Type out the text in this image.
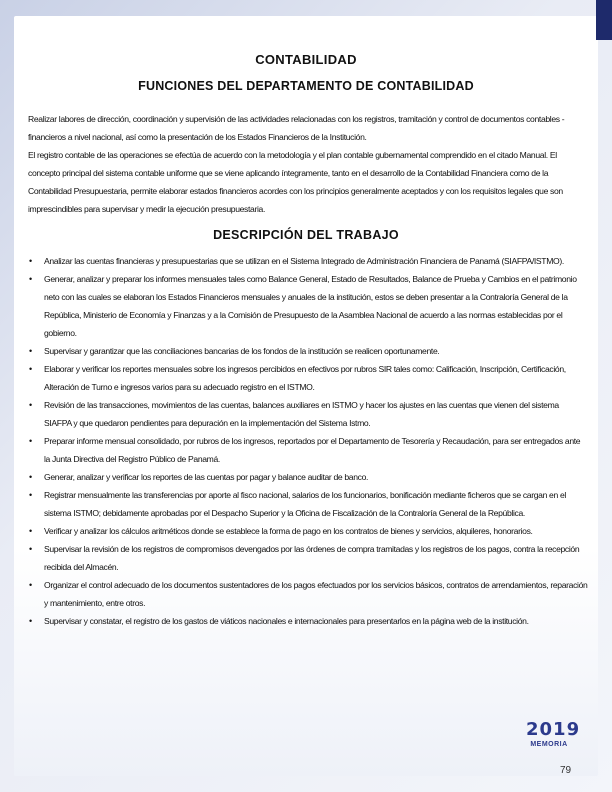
CONTABILIDAD
FUNCIONES DEL DEPARTAMENTO DE CONTABILIDAD

Realizar labores de dirección, coordinación y supervisión de las actividades relacionadas con los registros, tramitación y control de documentos contables - financieros a nivel nacional, así como la presentación de los Estados Financieros de la Institución.

El registro contable de las operaciones se efectúa de acuerdo con la metodología y el plan contable gubernamental comprendido en el citado Manual. El concepto principal del sistema contable uniforme que se viene aplicando íntegramente, tanto en el desarrollo de la Contabilidad Financiera como de la Contabilidad Presupuestaria, permite elaborar estados financieros acordes con los principios generalmente aceptados y con los requisitos legales que son imprescindibles para supervisar y medir la ejecución presupuestaria.

DESCRIPCIÓN DEL TRABAJO
• Analizar las cuentas financieras y presupuestarias que se utilizan en el Sistema Integrado de Administración Financiera de Panamá (SIAFPA/ISTMO).
• Generar, analizar y preparar los informes mensuales tales como Balance General, Estado de Resultados, Balance de Prueba y Cambios en el patrimonio neto con las cuales se elaboran los Estados Financieros mensuales y anuales de la institución, estos se deben presentar a la Contraloría General de la República, Ministerio de Economía y Finanzas y a la Comisión de Presupuesto de la Asamblea Nacional de acuerdo a las normas establecidas por el gobierno.
• Supervisar y garantizar que las conciliaciones bancarias de los fondos de la institución se realicen oportunamente.
• Elaborar y verificar los reportes mensuales sobre los ingresos percibidos en efectivos por rubros SIR tales como: Calificación, Inscripción, Certificación, Alteración de Turno e ingresos varios para su adecuado registro en el ISTMO.
• Revisión de las transacciones, movimientos de las cuentas, balances auxiliares en ISTMO y hacer los ajustes en las cuentas que vienen del sistema SIAFPA y que quedaron pendientes para depuración en la implementación del Sistema Istmo.
• Preparar informe mensual consolidado, por rubros de los ingresos, reportados por el Departamento de Tesorería y Recaudación, para ser entregados ante la Junta Directiva del Registro Público de Panamá.
• Generar, analizar y verificar los reportes de las cuentas por pagar y balance auditar de banco.
• Registrar mensualmente las transferencias por aporte al fisco nacional, salarios de los funcionarios, bonificación mediante ficheros que se cargan en el sistema ISTMO; debidamente aprobadas por el Despacho Superior y la Oficina de Fiscalización de la Contraloría General de la República.
• Verificar y analizar los cálculos aritméticos donde se establece la forma de pago en los contratos de bienes y servicios, alquileres, honorarios.
• Supervisar la revisión de los registros de compromisos devengados por las órdenes de compra tramitadas y los registros de los pagos, contra la recepción recibida del Almacén.
• Organizar el control adecuado de los documentos sustentadores de los pagos efectuados por los servicios básicos, contratos de arrendamientos, reparación y mantenimiento, entre otros.
• Supervisar y constatar, el registro de los gastos de viáticos nacionales e internacionales para presentarlos en la página web de la institución.
2019
MEMORIA
79
